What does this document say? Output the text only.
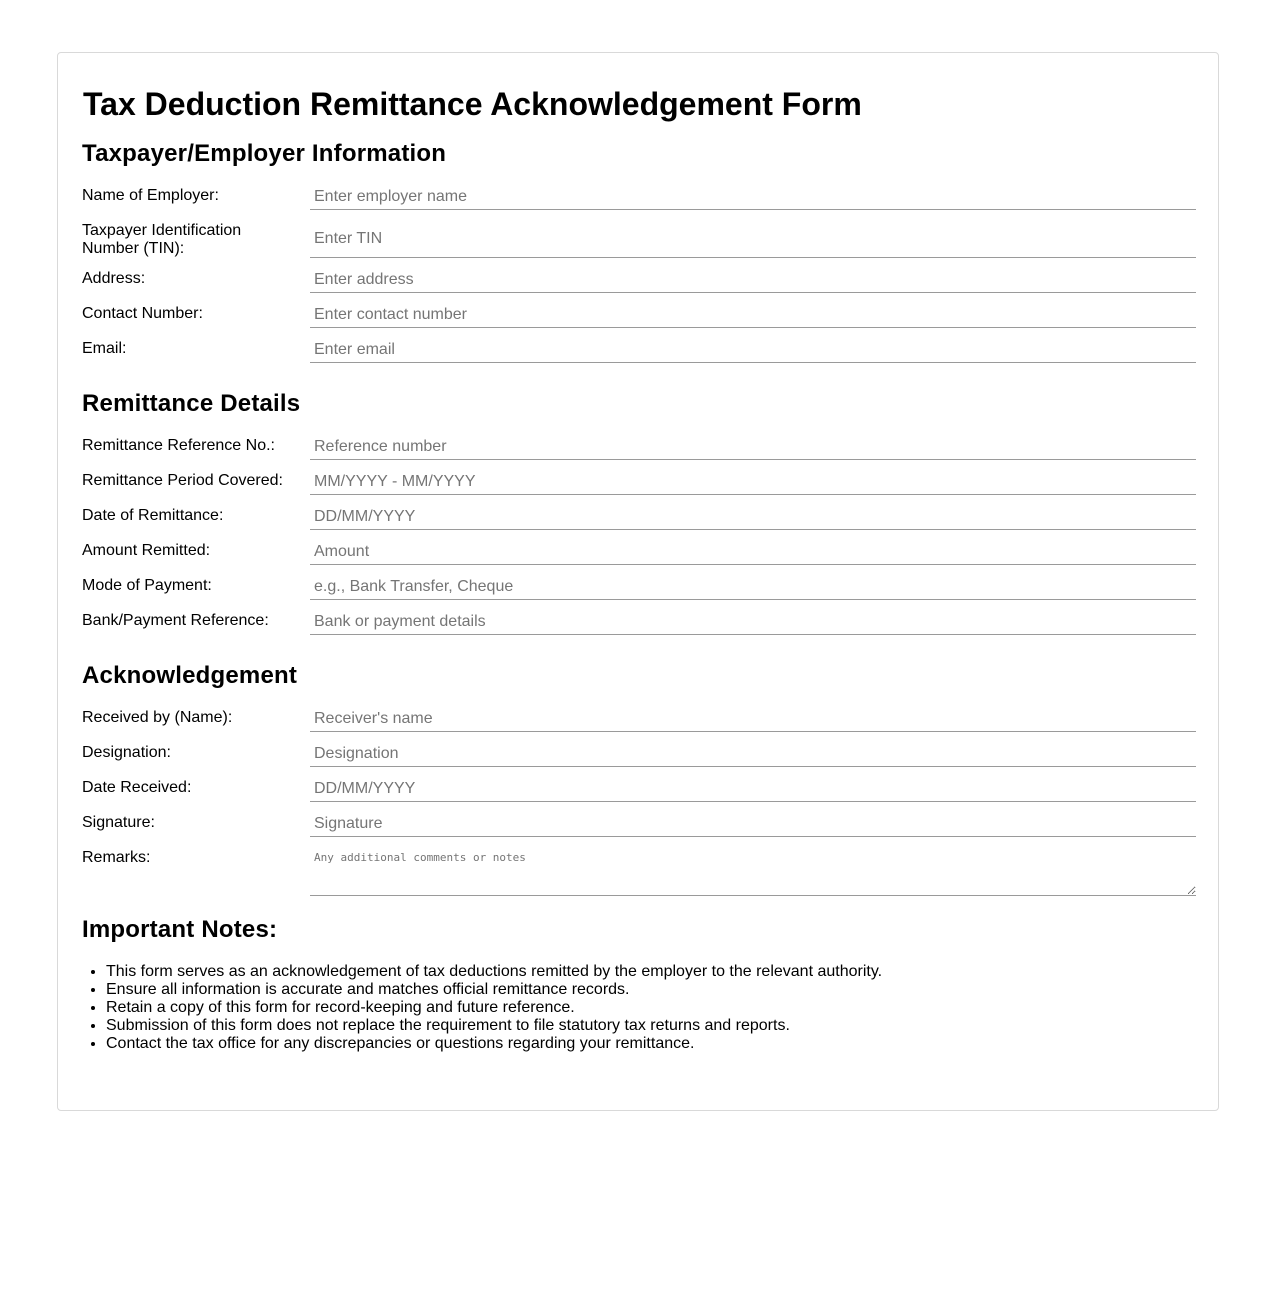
Tax Deduction Remittance Acknowledgement Form
Taxpayer/Employer Information
Name of Employer:
Enter employer name
Taxpayer Identification Number (TIN):
Enter TIN
Address:
Enter address
Contact Number:
Enter contact number
Email:
Enter email
Remittance Details
Remittance Reference No.:
Reference number
Remittance Period Covered:
MM/YYYY - MM/YYYY
Date of Remittance:
DD/MM/YYYY
Amount Remitted:
Amount
Mode of Payment:
e.g., Bank Transfer, Cheque
Bank/Payment Reference:
Bank or payment details
Acknowledgement
Received by (Name):
Receiver's name
Designation:
Designation
Date Received:
DD/MM/YYYY
Signature:
Signature
Remarks:
Any additional comments or notes
Important Notes:
• This form serves as an acknowledgement of tax deductions remitted by the employer to the relevant authority.
• Ensure all information is accurate and matches official remittance records.
• Retain a copy of this form for record-keeping and future reference.
• Submission of this form does not replace the requirement to file statutory tax returns and reports.
• Contact the tax office for any discrepancies or questions regarding your remittance.
